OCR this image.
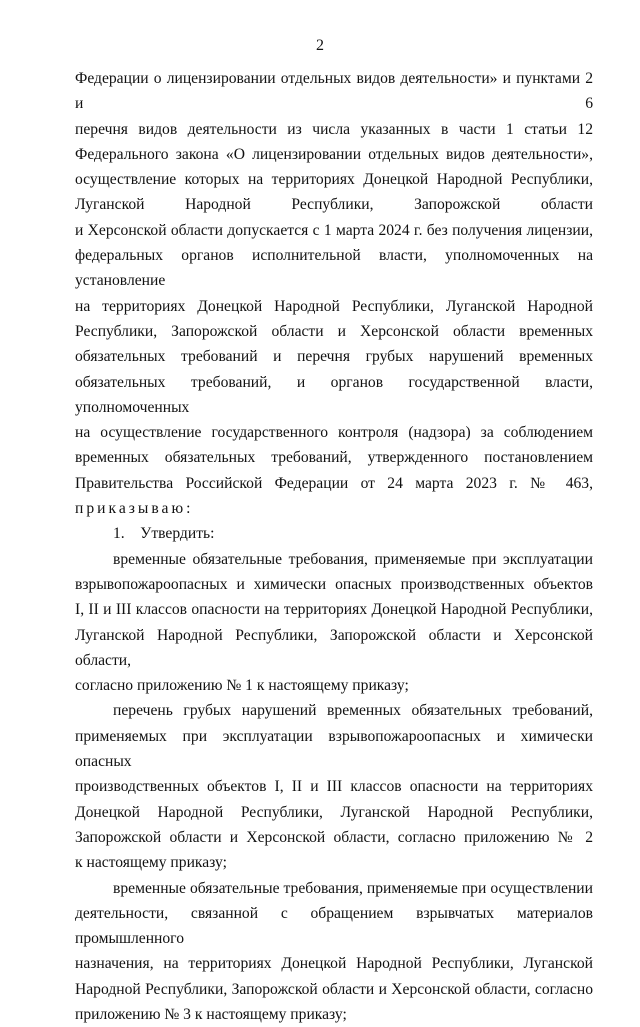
2
Федерации о лицензировании отдельных видов деятельности» и пунктами 2 и 6
перечня видов деятельности из числа указанных в части 1 статьи 12
Федерального закона «О лицензировании отдельных видов деятельности»,
осуществление которых на территориях Донецкой Народной Республики,
Луганской Народной Республики, Запорожской области
и Херсонской области допускается с 1 марта 2024 г. без получения лицензии,
федеральных органов исполнительной власти, уполномоченных на установление
на территориях Донецкой Народной Республики, Луганской Народной
Республики, Запорожской области и Херсонской области временных
обязательных требований и перечня грубых нарушений временных
обязательных требований, и органов государственной власти, уполномоченных
на осуществление государственного контроля (надзора) за соблюдением
временных обязательных требований, утвержденного постановлением
Правительства Российской Федерации от 24 марта 2023 г. № 463,
приказываю:
1.    Утвердить:
временные обязательные требования, применяемые при эксплуатации
взрывопожароопасных и химически опасных производственных объектов
I, II и III классов опасности на территориях Донецкой Народной Республики,
Луганской Народной Республики, Запорожской области и Херсонской области,
согласно приложению № 1 к настоящему приказу;
перечень грубых нарушений временных обязательных требований,
применяемых при эксплуатации взрывопожароопасных и химически опасных
производственных объектов I, II и III классов опасности на территориях
Донецкой Народной Республики, Луганской Народной Республики,
Запорожской области и Херсонской области, согласно приложению № 2
к настоящему приказу;
временные обязательные требования, применяемые при осуществлении
деятельности, связанной с обращением взрывчатых материалов промышленного
назначения, на территориях Донецкой Народной Республики, Луганской
Народной Республики, Запорожской области и Херсонской области, согласно
приложению № 3 к настоящему приказу;
